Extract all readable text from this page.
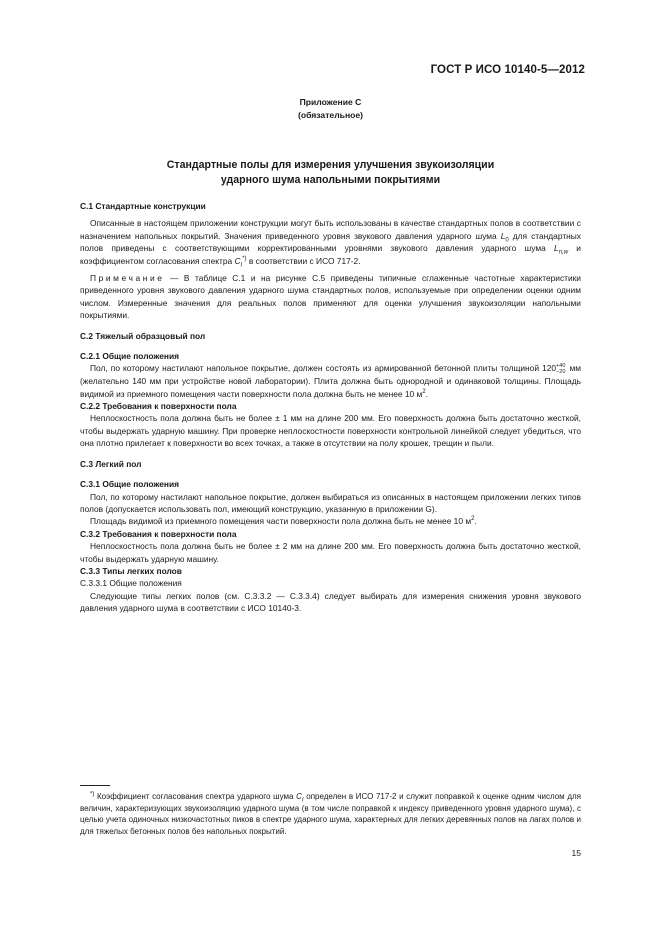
ГОСТ Р ИСО 10140-5—2012
Приложение С
(обязательное)
Стандартные полы для измерения улучшения звукоизоляции
ударного шума напольными покрытиями

С.1 Стандартные конструкции

Описанные в настоящем приложении конструкции могут быть использованы в качестве стандартных полов в соответствии с назначением напольных покрытий. Значения приведенного уровня звукового давления ударного шума $L_0$ для стандартных полов приведены с соответствующими корректированными уровнями звукового давления ударного шума $L_{n,w}$ и коэффициентом согласования спектра $C_I^{*)}$ в соответствии с ИСО 717-2.

Примечание — В таблице С.1 и на рисунке С.5 приведены типичные сглаженные частотные характеристики приведенного уровня звукового давления ударного шума стандартных полов, используемые при определении оценки одним числом. Измеренные значения для реальных полов применяют для оценки улучшения звукоизоляции напольными покрытиями.

С.2 Тяжелый образцовый пол

С.2.1 Общие положения

Пол, по которому настилают напольное покрытие, должен состоять из армированной бетонной плиты толщиной 120 +40
−20 мм (желательно 140 мм при устройстве новой лаборатории). Плита должна быть однородной и одинаковой толщины. Площадь видимой из приемного помещения части поверхности пола должна быть не менее 10 $м^2$.

С.2.2 Требования к поверхности пола

Неплоскостность пола должна быть не более ± 1 мм на длине 200 мм. Его поверхность должна быть достаточно жесткой, чтобы выдержать ударную машину. При проверке неплоскостности поверхности контрольной линейкой следует убедиться, что она плотно прилегает к поверхности во всех точках, а также в отсутствии на полу крошек, трещин и пыли.

С.3 Легкий пол

С.3.1 Общие положения

Пол, по которому настилают напольное покрытие, должен выбираться из описанных в настоящем приложении легких типов полов (допускается использовать пол, имеющий конструкцию, указанную в приложении G).

Площадь видимой из приемного помещения части поверхности пола должна быть не менее 10 $м^2$.

С.3.2 Требования к поверхности пола

Неплоскостность пола должна быть не более ± 2 мм на длине 200 мм. Его поверхность должна быть достаточно жесткой, чтобы выдержать ударную машину.

С.3.3 Типы легких полов

С.3.3.1 Общие положения

Следующие типы легких полов (см. С.3.3.2 — С.3.3.4) следует выбирать для измерения снижения уровня звукового давления ударного шума в соответствии с ИСО 10140-3.

*) Коэффициент согласования спектра ударного шума $C_I$ определен в ИСО 717-2 и служит поправкой к оценке одним числом для величин, характеризующих звукоизоляцию ударного шума (в том числе поправкой к индексу приведенного уровня ударного шума), с целью учета одиночных низкочастотных пиков в спектре ударного шума, характерных для легких деревянных полов на лагах полов и для тяжелых бетонных полов без напольных покрытий.
15
